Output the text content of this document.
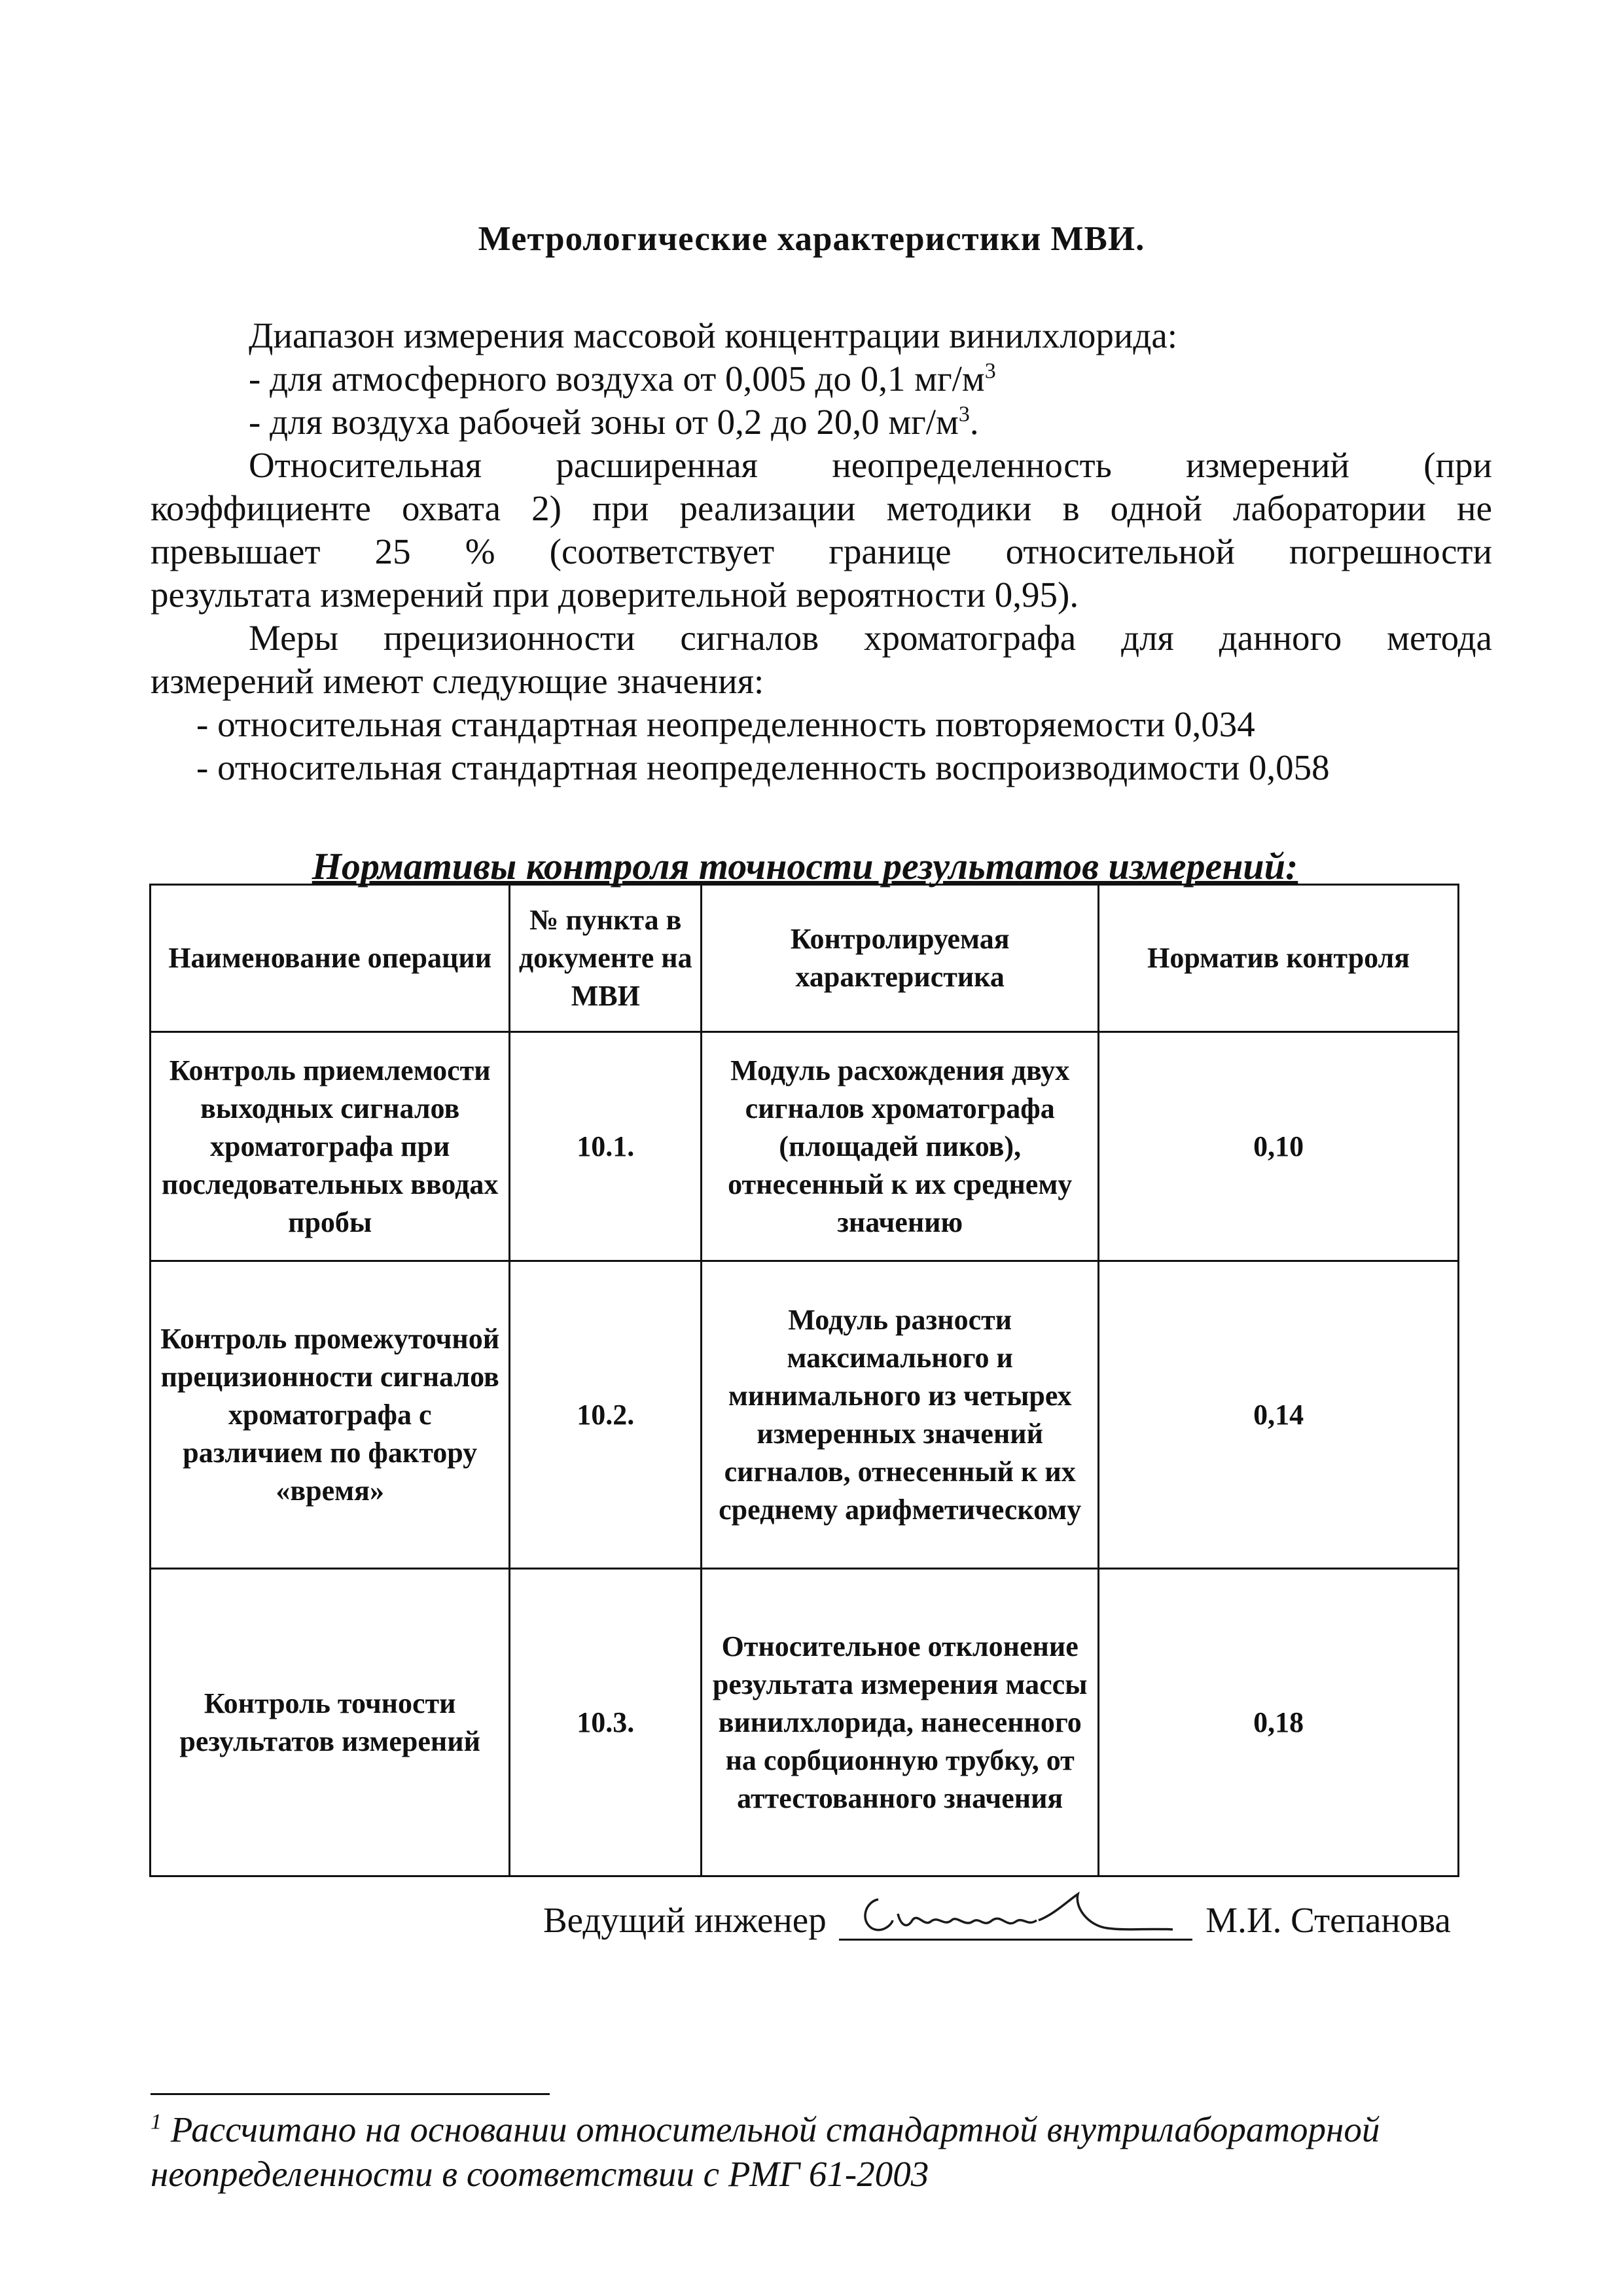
Метрологические характеристики МВИ.
Диапазон измерения массовой концентрации винилхлорида:
- для атмосферного воздуха от 0,005 до 0,1 $мг/м^3$
- для воздуха рабочей зоны от 0,2 до 20,0 $мг/м^3$.
Относительная расширенная неопределенность измерений (при
коэффициенте охвата 2) при реализации методики в одной лаборатории не
превышает 25 % (соответствует границе относительной погрешности
результата измерений при доверительной вероятности 0,95).
Меры прецизионности сигналов хроматографа для данного метода
измерений имеют следующие значения:
- относительная стандартная неопределенность повторяемости 0,034
- относительная стандартная неопределенность воспроизводимости 0,058
Нормативы контроля точности результатов измерений:
Наименование операции	№ пункта в документе на МВИ	Контролируемая характеристика	Норматив контроля
Контроль приемлемости выходных сигналов хроматографа при последовательных вводах пробы	10.1.	Модуль расхождения двух сигналов хроматографа (площадей пиков), отнесенный к их среднему значению	0,10
Контроль промежуточной прецизионности сигналов хроматографа с различием по фактору «время»	10.2.	Модуль разности максимального и минимального из четырех измеренных значений сигналов, отнесенный к их среднему арифметическому	0,14
Контроль точности результатов измерений	10.3.	Относительное отклонение результата измерения массы винилхлорида, нанесенного на сорбционную трубку, от аттестованного значения	0,18
Ведущий инженер	М.И. Степанова
$^1$ Рассчитано на основании относительной стандартной внутрилабораторной неопределенности в соответствии с РМГ 61-2003
